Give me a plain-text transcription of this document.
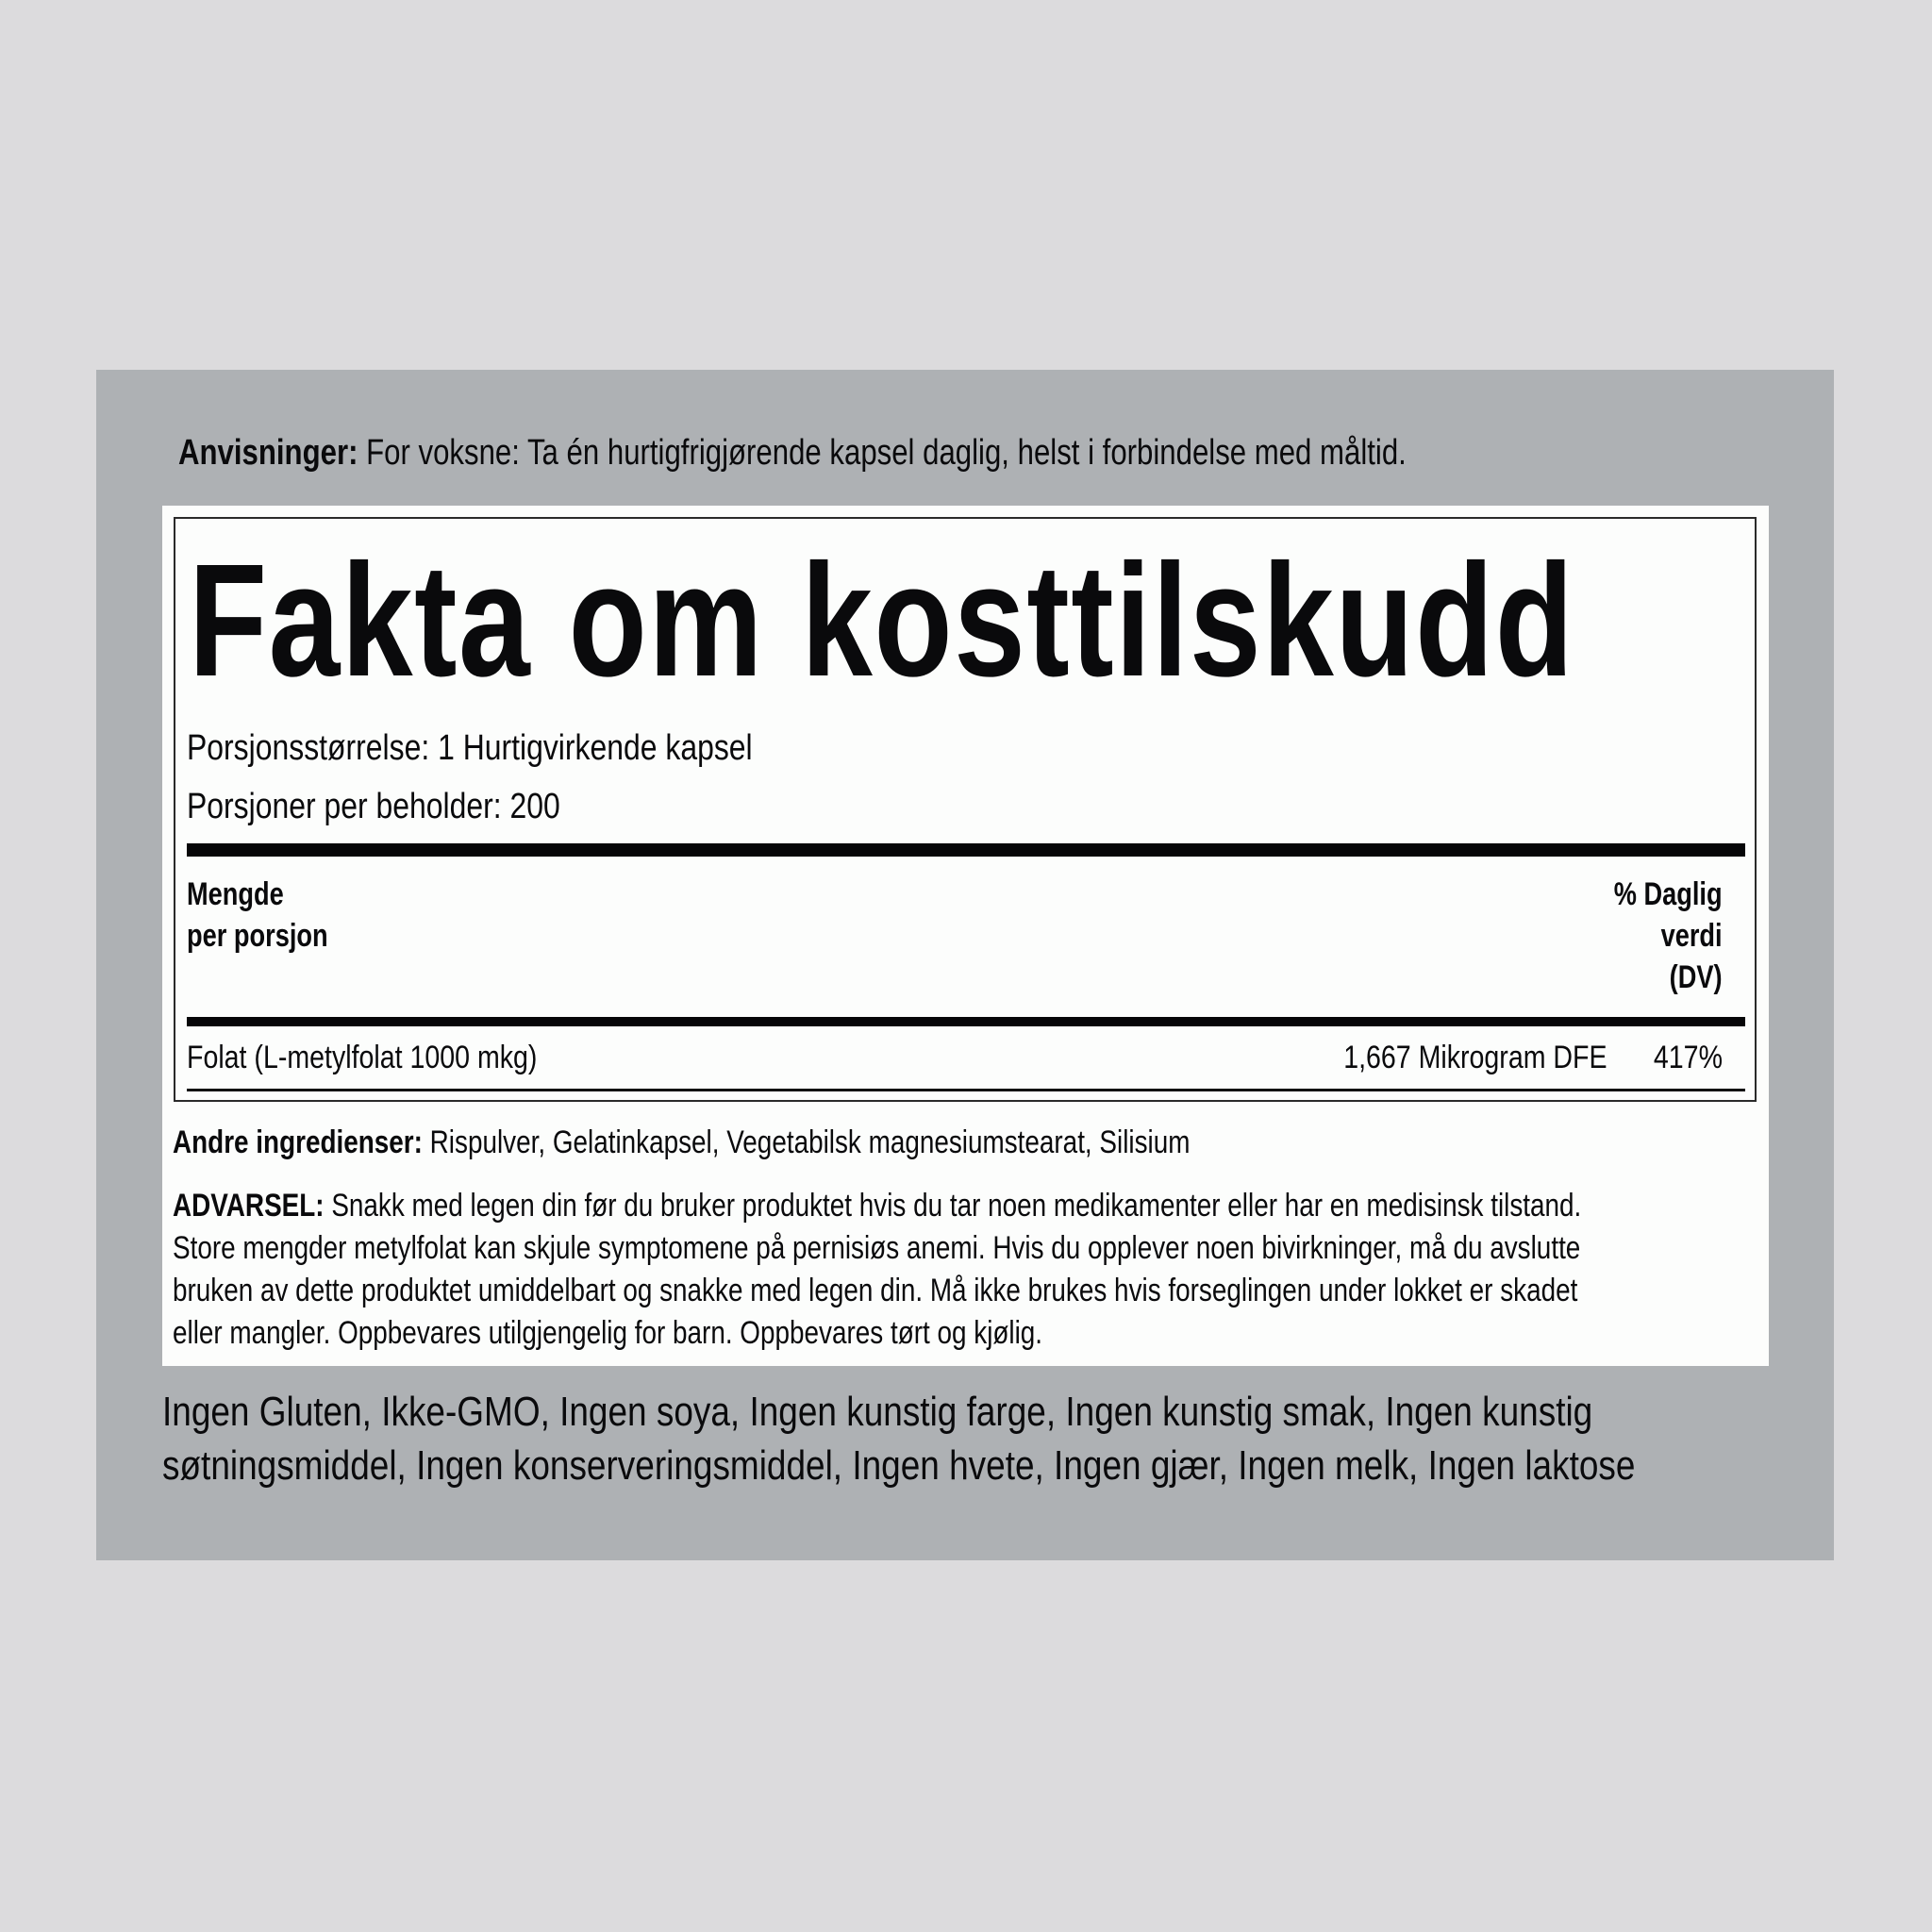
Anvisninger: For voksne: Ta én hurtigfrigjørende kapsel daglig, helst i forbindelse med måltid.
Fakta om kosttilskudd
Porsjonsstørrelse: 1 Hurtigvirkende kapsel
Porsjoner per beholder: 200
Mengde
per porsjon
% Daglig
verdi
(DV)
Folat (L-metylfolat 1000 mkg)	1,667 Mikrogram DFE 417%
Andre ingredienser: Rispulver, Gelatinkapsel, Vegetabilsk magnesiumstearat, Silisium
ADVARSEL: Snakk med legen din før du bruker produktet hvis du tar noen medikamenter eller har en medisinsk tilstand.
Store mengder metylfolat kan skjule symptomene på pernisiøs anemi. Hvis du opplever noen bivirkninger, må du avslutte
bruken av dette produktet umiddelbart og snakke med legen din. Må ikke brukes hvis forseglingen under lokket er skadet
eller mangler. Oppbevares utilgjengelig for barn. Oppbevares tørt og kjølig.
Ingen Gluten, Ikke-GMO, Ingen soya, Ingen kunstig farge, Ingen kunstig smak, Ingen kunstig
søtningsmiddel, Ingen konserveringsmiddel, Ingen hvete, Ingen gjær, Ingen melk, Ingen laktose
